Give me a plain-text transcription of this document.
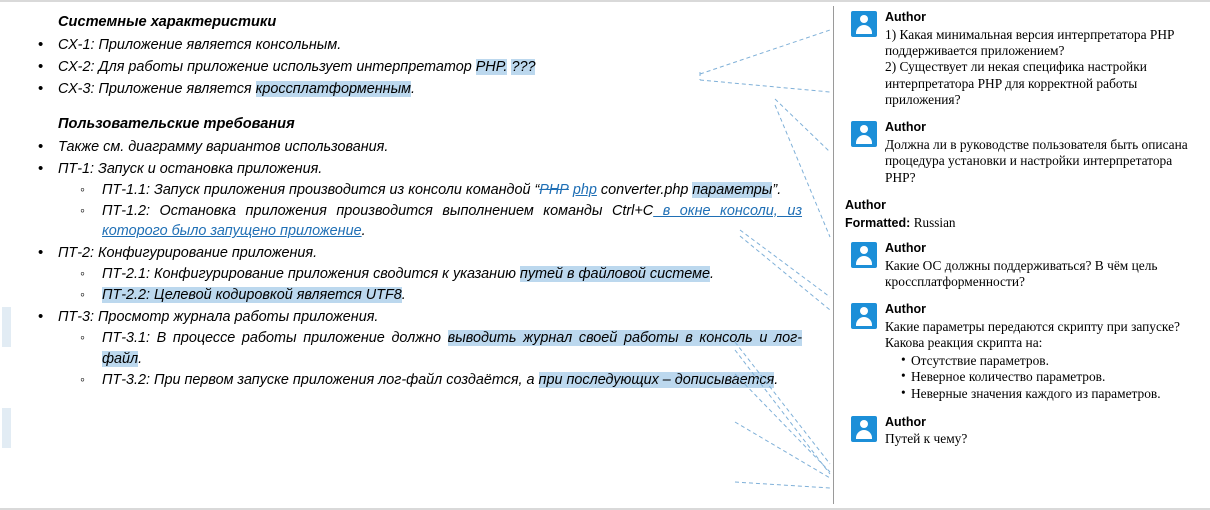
Системные характеристики
• СХ-1: Приложение является консольным.
• СХ-2: Для работы приложение использует интерпретатор PHP. ???
• СХ-3: Приложение является кроссплатформенным.
Пользовательские требования
• Также см. диаграмму вариантов использования.
• ПТ-1: Запуск и остановка приложения.
◦ ПТ-1.1: Запуск приложения производится из консоли командой “PHP php converter.php параметры”.
◦ ПТ-1.2: Остановка приложения производится выполнением команды Ctrl+C в окне консоли, из которого было запущено приложение.
• ПТ-2: Конфигурирование приложения.
◦ ПТ-2.1: Конфигурирование приложения сводится к указанию путей в файловой системе.
◦ ПТ-2.2: Целевой кодировкой является UTF8.
• ПТ-3: Просмотр журнала работы приложения.
◦ ПТ-3.1: В процессе работы приложение должно выводить журнал своей работы в консоль и лог-файл.
◦ ПТ-3.2: При первом запуске приложения лог-файл создаётся, а при последующих – дописывается.
Author

1) Какая минимальная версия интерпретатора PHP поддерживается приложением?

2) Существует ли некая специфика настройки интерпретатора PHP для корректной работы приложения?

Author

Должна ли в руководстве пользователя быть описана процедура установки и настройки интерпретатора PHP?

Author
Formatted: Russian
Author

Какие ОС должны поддерживаться? В чём цель кроссплатформенности?

Author

Какие параметры передаются скрипту при запуске? Какова реакция скрипта на:

• Отсутствие параметров.
• Неверное количество параметров.
• Неверные значения каждого из параметров.
Author

Путей к чему?
